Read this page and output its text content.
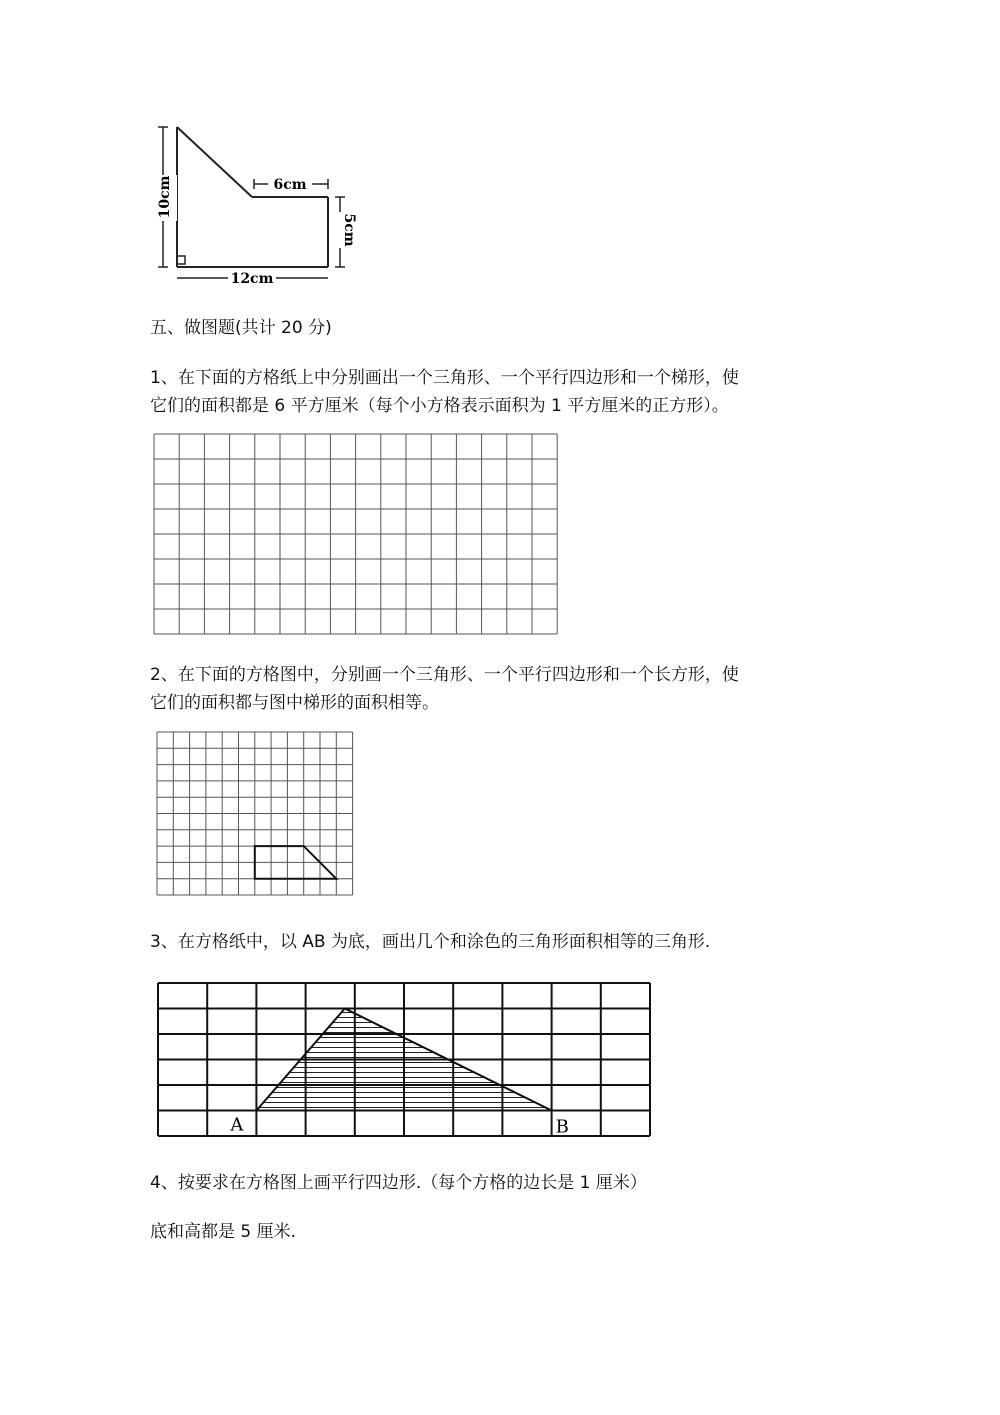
6cm
10cm
5cm
12cm
五、做图题(共计 20 分)
1、在下面的方格纸上中分别画出一个三角形、一个平行四边形和一个梯形，使
它们的面积都是 6 平方厘米（每个小方格表示面积为 1 平方厘米的正方形）。
2、在下面的方格图中，分别画一个三角形、一个平行四边形和一个长方形，使
它们的面积都与图中梯形的面积相等。
3、在方格纸中，以 AB 为底，画出几个和涂色的三角形面积相等的三角形.
A	B
4、按要求在方格图上画平行四边形.（每个方格的边长是 1 厘米）
底和高都是 5 厘米.
